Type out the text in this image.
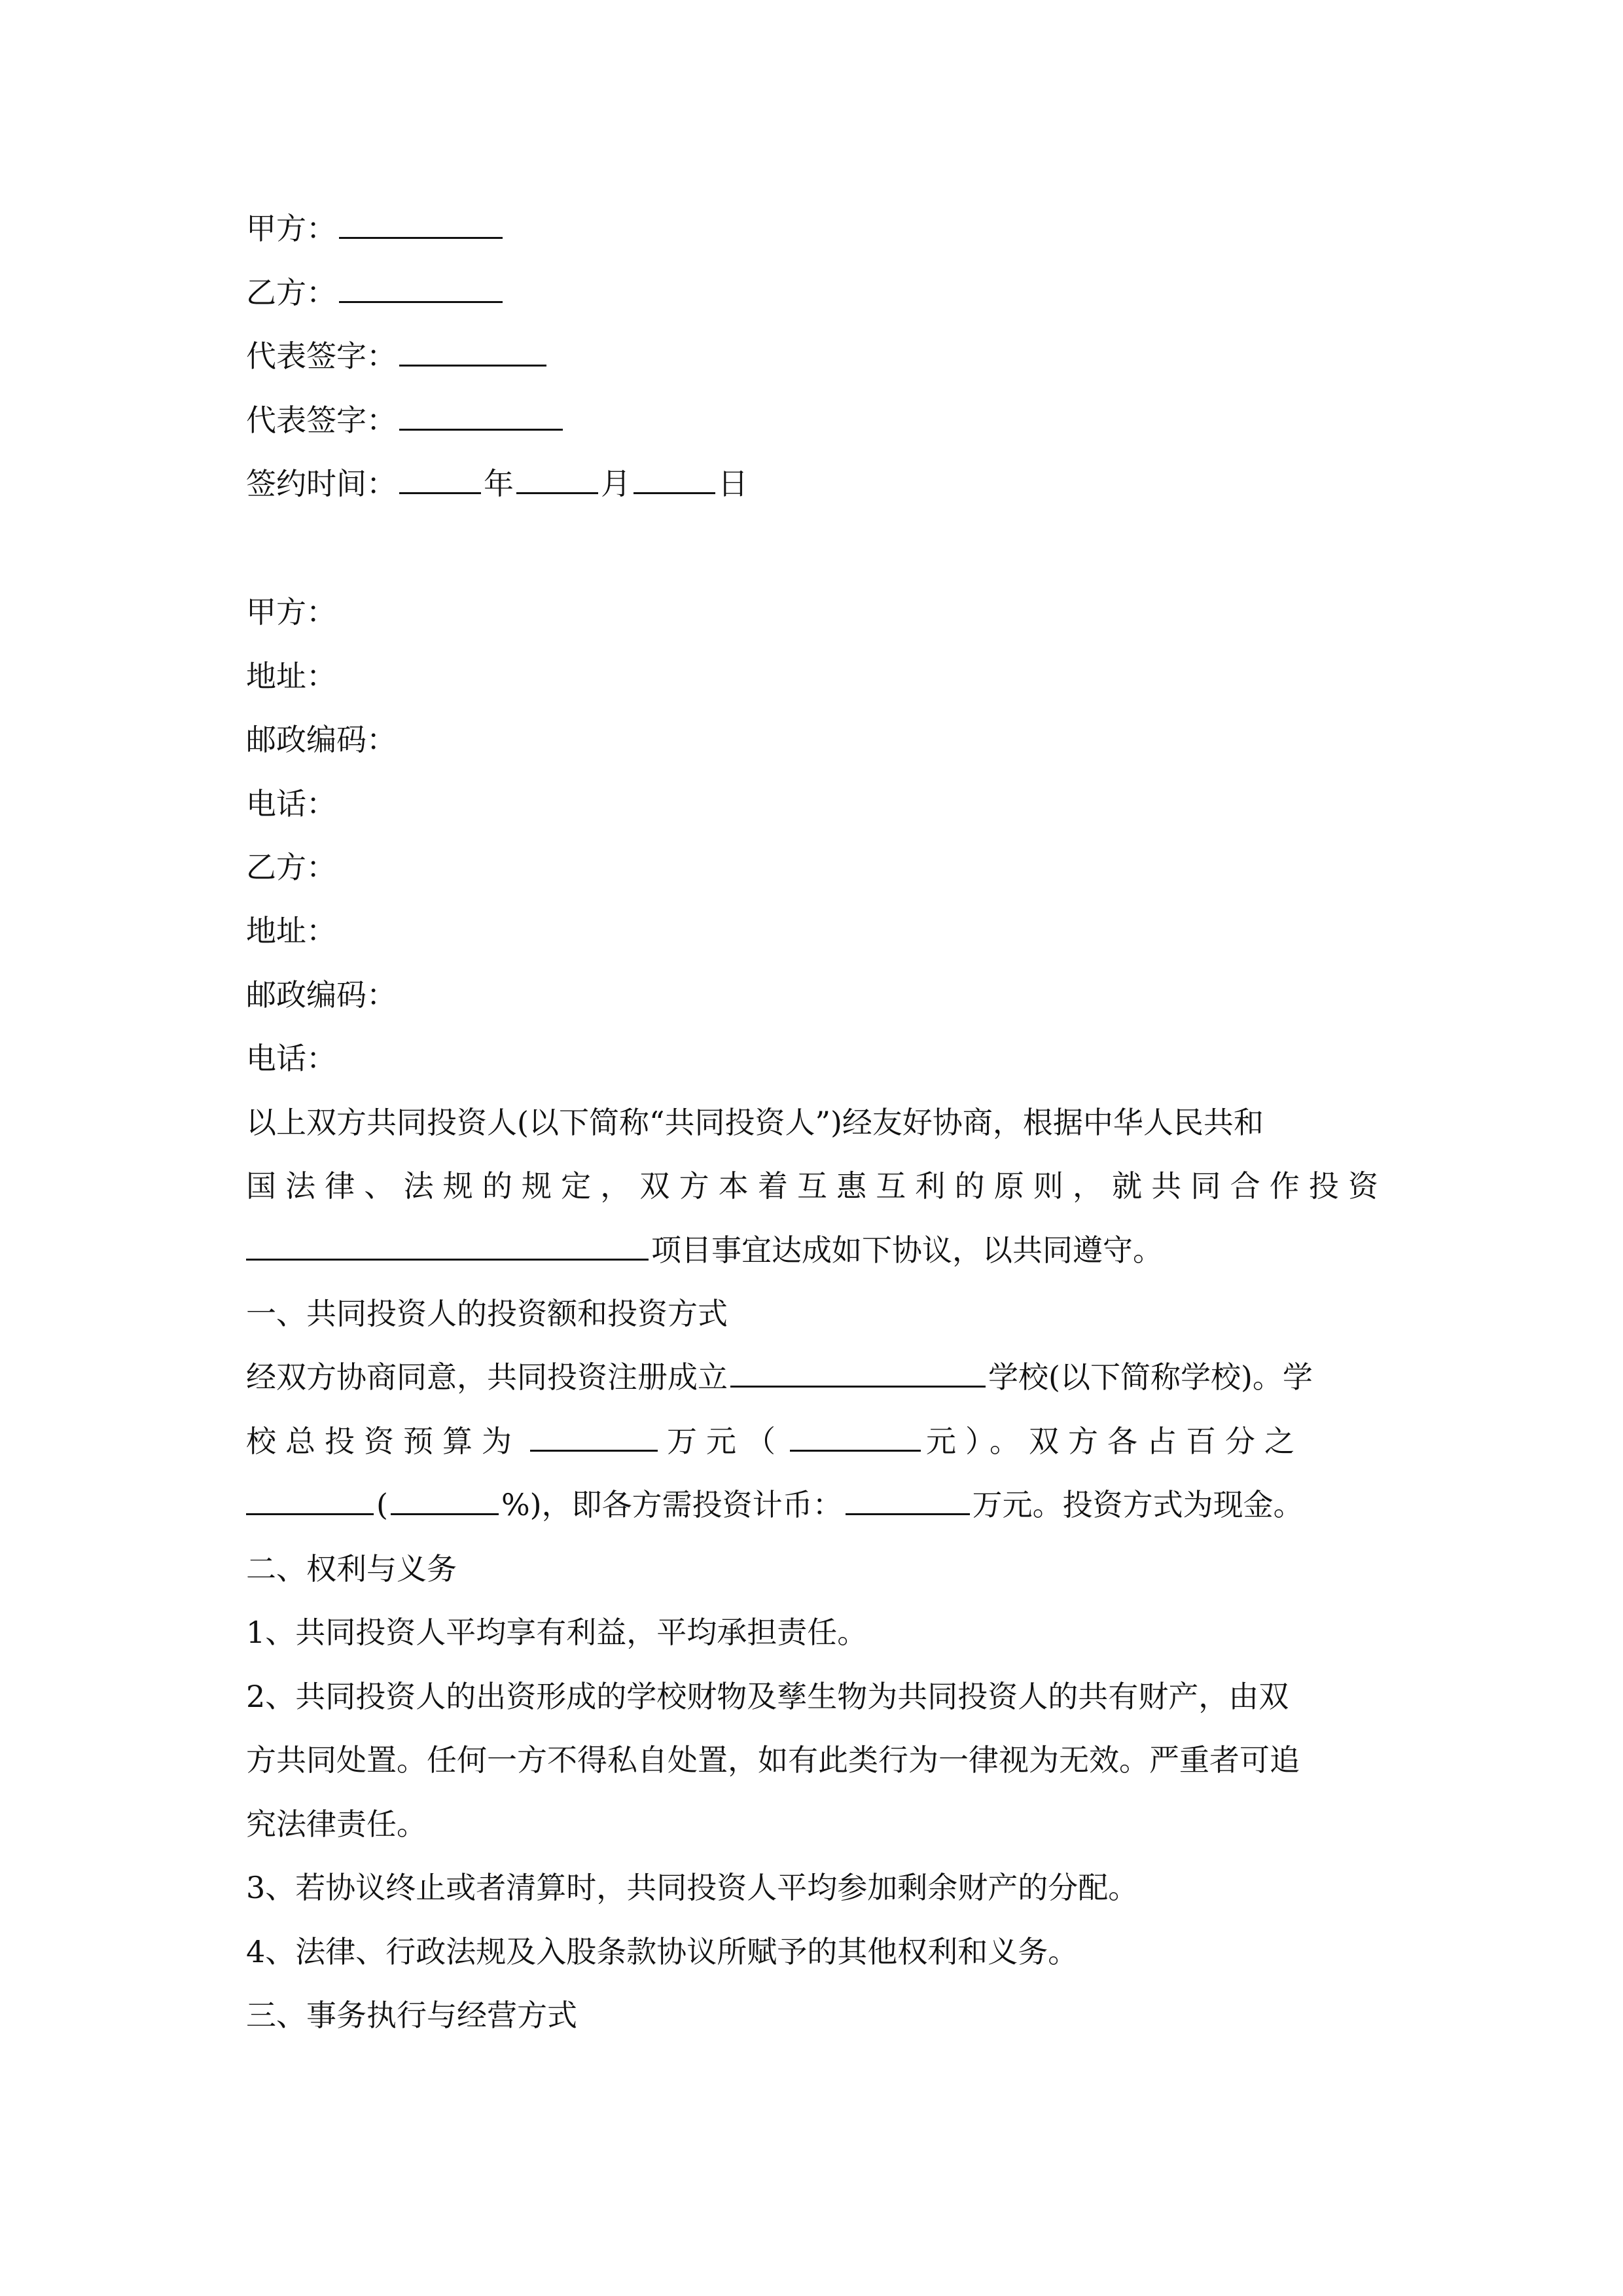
甲方：
乙方：
代表签字：
代表签字：
签约时间：	年	月	日
甲方：
地址：
邮政编码：
电话：
乙方：
地址：
邮政编码：
电话：
以上双方共同投资人(以下简称“共同投资人”)经友好协商，根据中华人民共和
国法律、法规的规定，双方本着互惠互利的原则，就共同合作投资
项目事宜达成如下协议，以共同遵守。
一、共同投资人的投资额和投资方式
经双方协商同意，共同投资注册成立	学校(以下简称学校)。学
校总投资预算为	万元（	元）。双方各占百分之
(	%)，即各方需投资计币：	万元。投资方式为现金。
二、权利与义务
1、共同投资人平均享有利益，平均承担责任。
2、共同投资人的出资形成的学校财物及孳生物为共同投资人的共有财产，由双
方共同处置。任何一方不得私自处置，如有此类行为一律视为无效。严重者可追
究法律责任。
3、若协议终止或者清算时，共同投资人平均参加剩余财产的分配。
4、法律、行政法规及入股条款协议所赋予的其他权利和义务。
三、事务执行与经营方式
